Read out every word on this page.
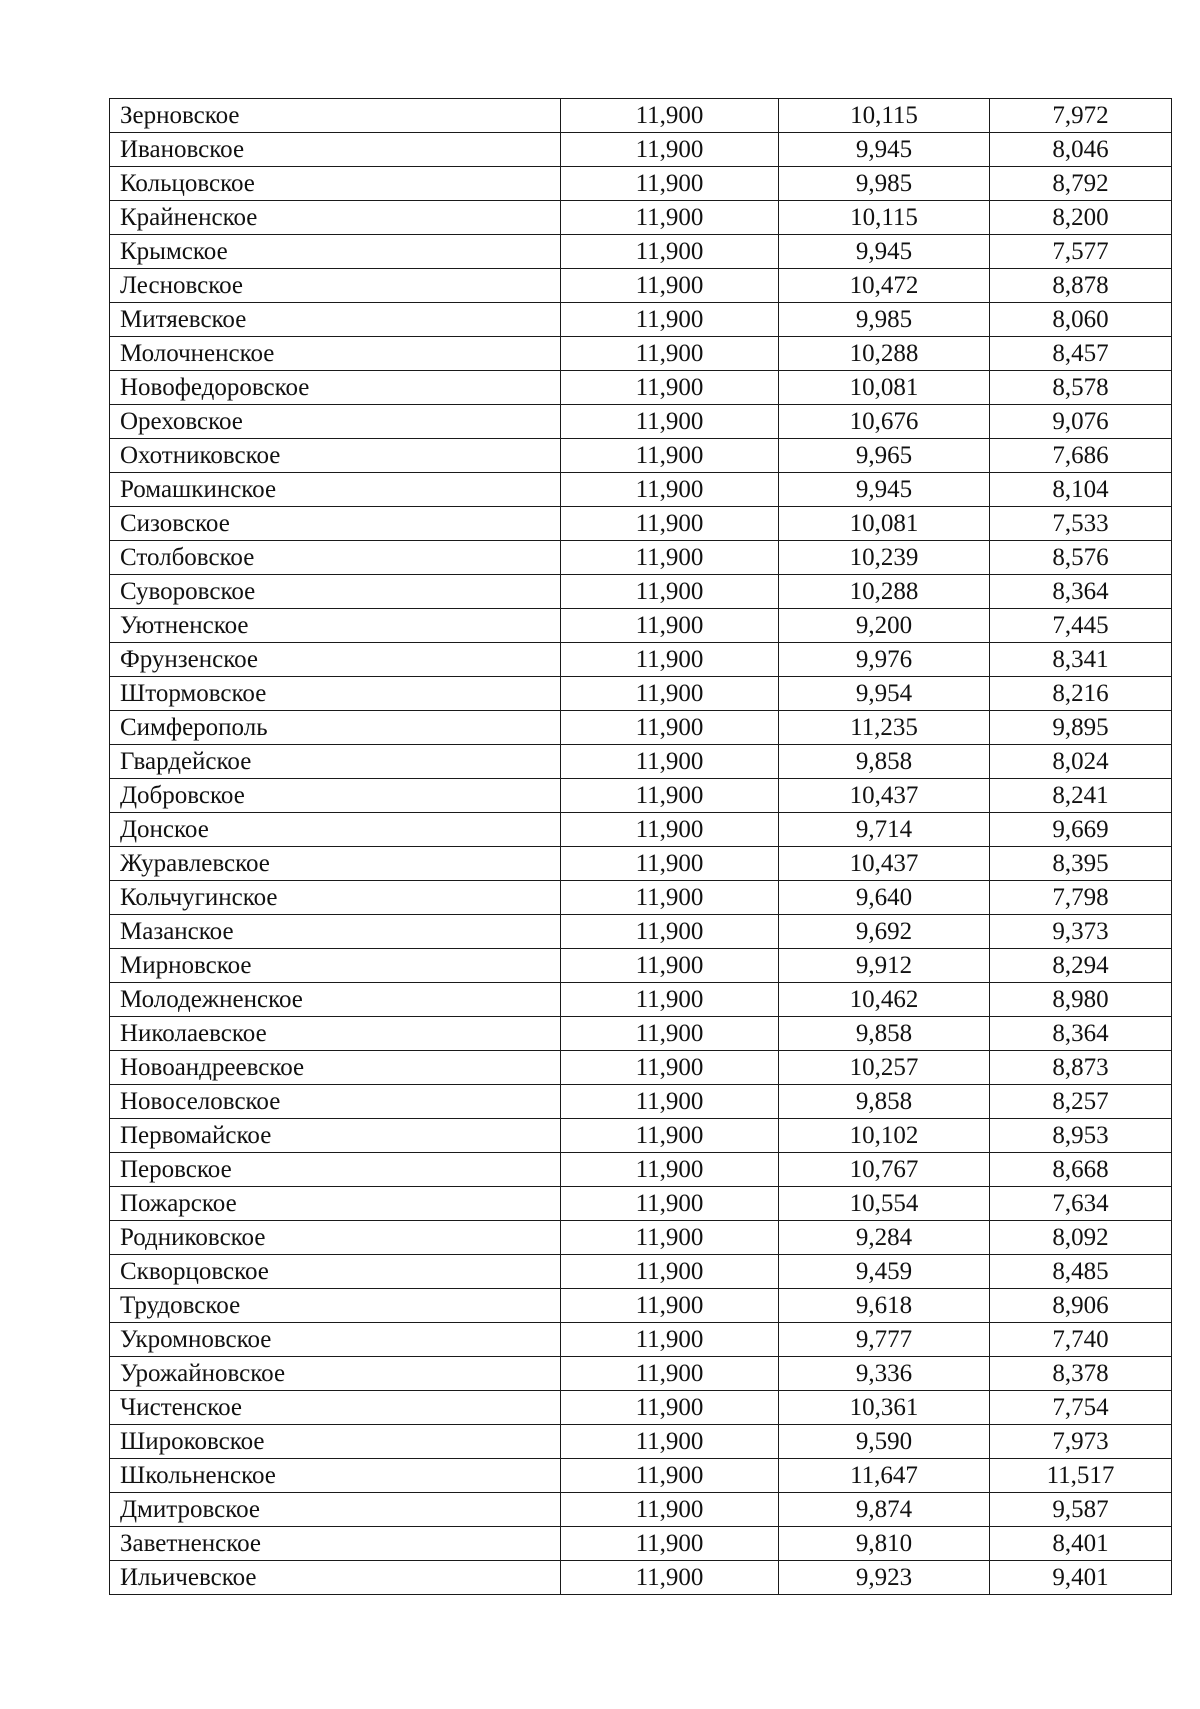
Зерновское	11,900	10,115	7,972
Ивановское	11,900	9,945	8,046
Кольцовское	11,900	9,985	8,792
Крайненское	11,900	10,115	8,200
Крымское	11,900	9,945	7,577
Лесновское	11,900	10,472	8,878
Митяевское	11,900	9,985	8,060
Молочненское	11,900	10,288	8,457
Новофедоровское	11,900	10,081	8,578
Ореховское	11,900	10,676	9,076
Охотниковское	11,900	9,965	7,686
Ромашкинское	11,900	9,945	8,104
Сизовское	11,900	10,081	7,533
Столбовское	11,900	10,239	8,576
Суворовское	11,900	10,288	8,364
Уютненское	11,900	9,200	7,445
Фрунзенское	11,900	9,976	8,341
Штормовское	11,900	9,954	8,216
Симферополь	11,900	11,235	9,895
Гвардейское	11,900	9,858	8,024
Добровское	11,900	10,437	8,241
Донское	11,900	9,714	9,669
Журавлевское	11,900	10,437	8,395
Кольчугинское	11,900	9,640	7,798
Мазанское	11,900	9,692	9,373
Мирновское	11,900	9,912	8,294
Молодежненское	11,900	10,462	8,980
Николаевское	11,900	9,858	8,364
Новоандреевское	11,900	10,257	8,873
Новоселовское	11,900	9,858	8,257
Первомайское	11,900	10,102	8,953
Перовское	11,900	10,767	8,668
Пожарское	11,900	10,554	7,634
Родниковское	11,900	9,284	8,092
Скворцовское	11,900	9,459	8,485
Трудовское	11,900	9,618	8,906
Укромновское	11,900	9,777	7,740
Урожайновское	11,900	9,336	8,378
Чистенское	11,900	10,361	7,754
Широковское	11,900	9,590	7,973
Школьненское	11,900	11,647	11,517
Дмитровское	11,900	9,874	9,587
Заветненское	11,900	9,810	8,401
Ильичевское	11,900	9,923	9,401
